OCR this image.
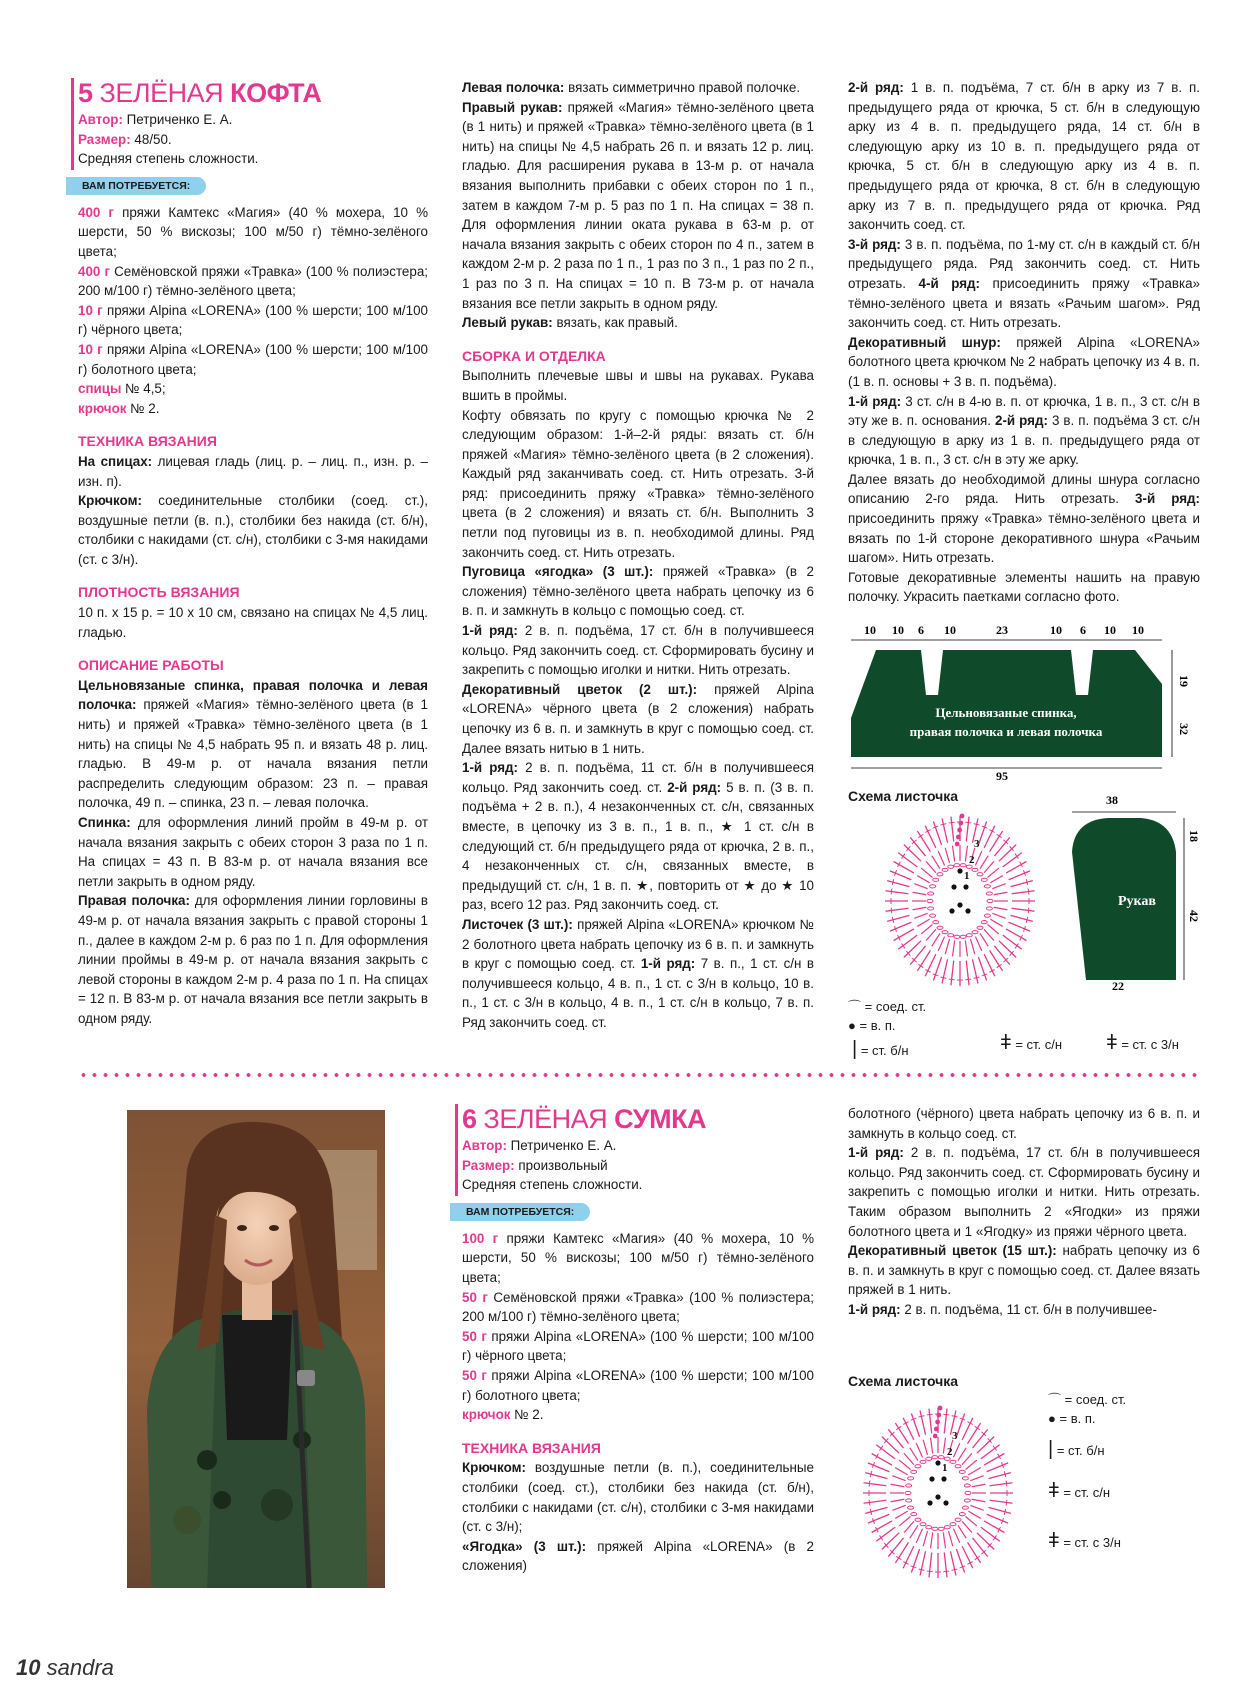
5 ЗЕЛЁНАЯ КОФТА

Автор: Петриченко Е. А.

Размер: 48/50.

Средняя степень сложности.

ВАМ ПОТРЕБУЕТСЯ:

400 г пряжи Камтекс «Магия» (40 % мохера, 10 % шерсти, 50 % вискозы; 100 м/50 г) тёмно-зелёного цвета;

400 г Семёновской пряжи «Травка» (100 % полиэстера; 200 м/100 г) тёмно-зелёного цвета;

10 г пряжи Alpina «LORENA» (100 % шерсти; 100 м/100 г) чёрного цвета;

10 г пряжи Alpina «LORENA» (100 % шерсти; 100 м/100 г) болотного цвета;

спицы № 4,5;

крючок № 2.

ТЕХНИКА ВЯЗАНИЯ

На спицах: лицевая гладь (лиц. р. – лиц. п., изн. р. – изн. п).

Крючком: соединительные столбики (соед. ст.), воздушные петли (в. п.), столбики без накида (ст. б/н), столбики с накидами (ст. с/н), столбики с 3-мя накидами (ст. с 3/н).

ПЛОТНОСТЬ ВЯЗАНИЯ

10 п. х 15 р. = 10 х 10 см, связано на спицах № 4,5 лиц. гладью.

ОПИСАНИЕ РАБОТЫ

Цельновязаные спинка, правая полочка и левая полочка: пряжей «Магия» тёмно-зелёного цвета (в 1 нить) и пряжей «Травка» тёмно-зелёного цвета (в 1 нить) на спицы № 4,5 набрать 95 п. и вязать 48 р. лиц. гладью. В 49-м р. от начала вязания петли распределить следующим образом: 23 п. – правая полочка, 49 п. – спинка, 23 п. – левая полочка.

Спинка: для оформления линий пройм в 49-м р. от начала вязания закрыть с обеих сторон 3 раза по 1 п. На спицах = 43 п. В 83-м р. от начала вязания все петли закрыть в одном ряду.

Правая полочка: для оформления линии горловины в 49-м р. от начала вязания закрыть с правой стороны 1 п., далее в каждом 2-м р. 6 раз по 1 п. Для оформления линии проймы в 49-м р. от начала вязания закрыть с левой стороны в каждом 2-м р. 4 раза по 1 п. На спицах = 12 п. В 83-м р. от начала вязания все петли закрыть в одном ряду.

Левая полочка: вязать симметрично правой полочке.

Правый рукав: пряжей «Магия» тёмно-зелёного цвета (в 1 нить) и пряжей «Травка» тёмно-зелёного цвета (в 1 нить) на спицы № 4,5 набрать 26 п. и вязать 12 р. лиц. гладью. Для расширения рукава в 13-м р. от начала вязания выполнить прибавки с обеих сторон по 1 п., затем в каждом 7-м р. 5 раз по 1 п. На спицах = 38 п. Для оформления линии оката рукава в 63-м р. от начала вязания закрыть с обеих сторон по 4 п., затем в каждом 2-м р. 2 раза по 1 п., 1 раз по 3 п., 1 раз по 2 п., 1 раз по 3 п. На спицах = 10 п. В 73-м р. от начала вязания все петли закрыть в одном ряду.

Левый рукав: вязать, как правый.

СБОРКА И ОТДЕЛКА

Выполнить плечевые швы и швы на рукавах. Рукава вшить в проймы.

Кофту обвязать по кругу с помощью крючка № 2 следующим образом: 1-й–2-й ряды: вязать ст. б/н пряжей «Магия» тёмно-зелёного цвета (в 2 сложения). Каждый ряд заканчивать соед. ст. Нить отрезать. 3-й ряд: присоединить пряжу «Травка» тёмно-зелёного цвета (в 2 сложения) и вязать ст. б/н. Выполнить 3 петли под пуговицы из в. п. необходимой длины. Ряд закончить соед. ст. Нить отрезать.

Пуговица «ягодка» (3 шт.): пряжей «Травка» (в 2 сложения) тёмно-зелёного цвета набрать цепочку из 6 в. п. и замкнуть в кольцо с помощью соед. ст.

1-й ряд: 2 в. п. подъёма, 17 ст. б/н в получившееся кольцо. Ряд закончить соед. ст. Сформировать бусину и закрепить с помощью иголки и нитки. Нить отрезать.

Декоративный цветок (2 шт.): пряжей Alpina «LORENA» чёрного цвета (в 2 сложения) набрать цепочку из 6 в. п. и замкнуть в круг с помощью соед. ст. Далее вязать нитью в 1 нить.

1-й ряд: 2 в. п. подъёма, 11 ст. б/н в получившееся кольцо. Ряд закончить соед. ст. 2-й ряд: 5 в. п. (3 в. п. подъёма + 2 в. п.), 4 незаконченных ст. с/н, связанных вместе, в цепочку из 3 в. п., 1 в. п., ★ 1 ст. с/н в следующий ст. б/н предыдущего ряда от крючка, 2 в. п., 4 незаконченных ст. с/н, связанных вместе, в предыдущий ст. с/н, 1 в. п. ★, повторить от ★ до ★ 10 раз, всего 12 раз. Ряд закончить соед. ст.

Листочек (3 шт.): пряжей Alpina «LORENA» крючком № 2 болотного цвета набрать цепочку из 6 в. п. и замкнуть в круг с помощью соед. ст. 1-й ряд: 7 в. п., 1 ст. с/н в получившееся кольцо, 4 в. п., 1 ст. с 3/н в кольцо, 10 в. п., 1 ст. с 3/н в кольцо, 4 в. п., 1 ст. с/н в кольцо, 7 в. п. Ряд закончить соед. ст.

2-й ряд: 1 в. п. подъёма, 7 ст. б/н в арку из 7 в. п. предыдущего ряда от крючка, 5 ст. б/н в следующую арку из 4 в. п. предыдущего ряда, 14 ст. б/н в следующую арку из 10 в. п. предыдущего ряда от крючка, 5 ст. б/н в следующую арку из 4 в. п. предыдущего ряда от крючка, 8 ст. б/н в следующую арку из 7 в. п. предыдущего ряда от крючка. Ряд закончить соед. ст.

3-й ряд: 3 в. п. подъёма, по 1-му ст. с/н в каждый ст. б/н предыдущего ряда. Ряд закончить соед. ст. Нить отрезать. 4-й ряд: присоединить пряжу «Травка» тёмно-зелёного цвета и вязать «Рачьим шагом». Ряд закончить соед. ст. Нить отрезать.

Декоративный шнур: пряжей Alpina «LORENA» болотного цвета крючком № 2 набрать цепочку из 4 в. п. (1 в. п. основы + 3 в. п. подъёма).

1-й ряд: 3 ст. с/н в 4-ю в. п. от крючка, 1 в. п., 3 ст. с/н в эту же в. п. основания. 2-й ряд: 3 в. п. подъёма 3 ст. с/н в следующую в арку из 1 в. п. предыдущего ряда от крючка, 1 в. п., 3 ст. с/н в эту же арку.

Далее вязать до необходимой длины шнура согласно описанию 2-го ряда. Нить отрезать. 3-й ряд: присоединить пряжу «Травка» тёмно-зелёного цвета и вязать по 1-й стороне декоративного шнура «Рачьим шагом». Нить отрезать.

Готовые декоративные элементы нашить на правую полочку. Украсить паетками согласно фото.

10 10 6 10	23	10 6 10 10
Цельновязаные спинка,
правая полочка и левая полочка
95
19
32
38
Рукав
18
42
22
Схема листочка
1
2
3
⌒ = соед. ст.
● = в. п.
| = ст. б/н	ǂ = ст. с/н ǂ = ст. с 3/н
6 ЗЕЛЁНАЯ СУМКА

Автор: Петриченко Е. А.

Размер: произвольный

Средняя степень сложности.

ВАМ ПОТРЕБУЕТСЯ:

100 г пряжи Камтекс «Магия» (40 % мохера, 10 % шерсти, 50 % вискозы; 100 м/50 г) тёмно-зелёного цвета;

50 г Семёновской пряжи «Травка» (100 % полиэстера; 200 м/100 г) тёмно-зелёного цвета;

50 г пряжи Alpina «LORENA» (100 % шерсти; 100 м/100 г) чёрного цвета;

50 г пряжи Alpina «LORENA» (100 % шерсти; 100 м/100 г) болотного цвета;

крючок № 2.

ТЕХНИКА ВЯЗАНИЯ

Крючком: воздушные петли (в. п.), соединительные столбики (соед. ст.), столбики без накида (ст. б/н), столбики с накидами (ст. с/н), столбики с 3-мя накидами (ст. с 3/н);

«Ягодка» (3 шт.): пряжей Alpina «LORENA» (в 2 сложения)

болотного (чёрного) цвета набрать цепочку из 6 в. п. и замкнуть в кольцо соед. ст.

1-й ряд: 2 в. п. подъёма, 17 ст. б/н в получившееся кольцо. Ряд закончить соед. ст. Сформировать бусину и закрепить с помощью иголки и нитки. Нить отрезать. Таким образом выполнить 2 «Ягодки» из пряжи болотного цвета и 1 «Ягодку» из пряжи чёрного цвета.

Декоративный цветок (15 шт.): набрать цепочку из 6 в. п. и замкнуть в круг с помощью соед. ст. Далее вязать пряжей в 1 нить.

1-й ряд: 2 в. п. подъёма, 11 ст. б/н в получившее-

Схема листочка
1
2
3
⌒ = соед. ст.
● = в. п.
| = ст. б/н
ǂ = ст. с/н
ǂ = ст. с 3/н
10 sandra
